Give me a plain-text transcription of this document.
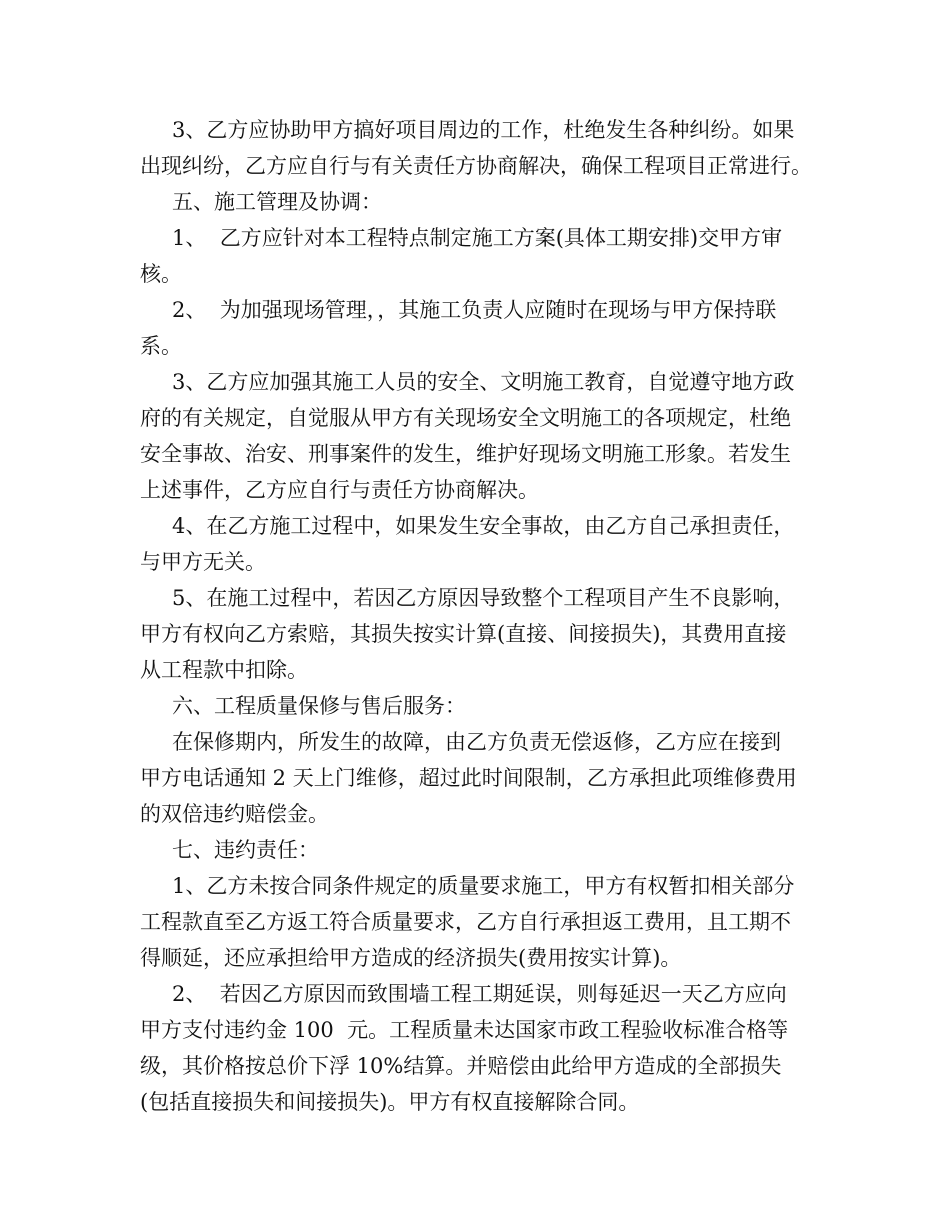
3、乙方应协助甲方搞好项目周边的工作，杜绝发生各种纠纷。如果
出现纠纷，乙方应自行与有关责任方协商解决，确保工程项目正常进行。
五、施工管理及协调：
1、  乙方应针对本工程特点制定施工方案(具体工期安排)交甲方审
核。
2、  为加强现场管理，，其施工负责人应随时在现场与甲方保持联
系。
3、乙方应加强其施工人员的安全、文明施工教育，自觉遵守地方政
府的有关规定，自觉服从甲方有关现场安全文明施工的各项规定，杜绝
安全事故、治安、刑事案件的发生，维护好现场文明施工形象。若发生
上述事件，乙方应自行与责任方协商解决。
4、在乙方施工过程中，如果发生安全事故，由乙方自己承担责任，
与甲方无关。
5、在施工过程中，若因乙方原因导致整个工程项目产生不良影响，
甲方有权向乙方索赔，其损失按实计算(直接、间接损失)，其费用直接
从工程款中扣除。
六、工程质量保修与售后服务：
在保修期内，所发生的故障，由乙方负责无偿返修，乙方应在接到
甲方电话通知 2 天上门维修，超过此时间限制，乙方承担此项维修费用
的双倍违约赔偿金。
七、违约责任：
1、乙方未按合同条件规定的质量要求施工，甲方有权暂扣相关部分
工程款直至乙方返工符合质量要求，乙方自行承担返工费用，且工期不
得顺延，还应承担给甲方造成的经济损失(费用按实计算)。
2、  若因乙方原因而致围墙工程工期延误，则每延迟一天乙方应向
甲方支付违约金 100  元。工程质量未达国家市政工程验收标准合格等
级，其价格按总价下浮 10%结算。并赔偿由此给甲方造成的全部损失
(包括直接损失和间接损失)。甲方有权直接解除合同。
